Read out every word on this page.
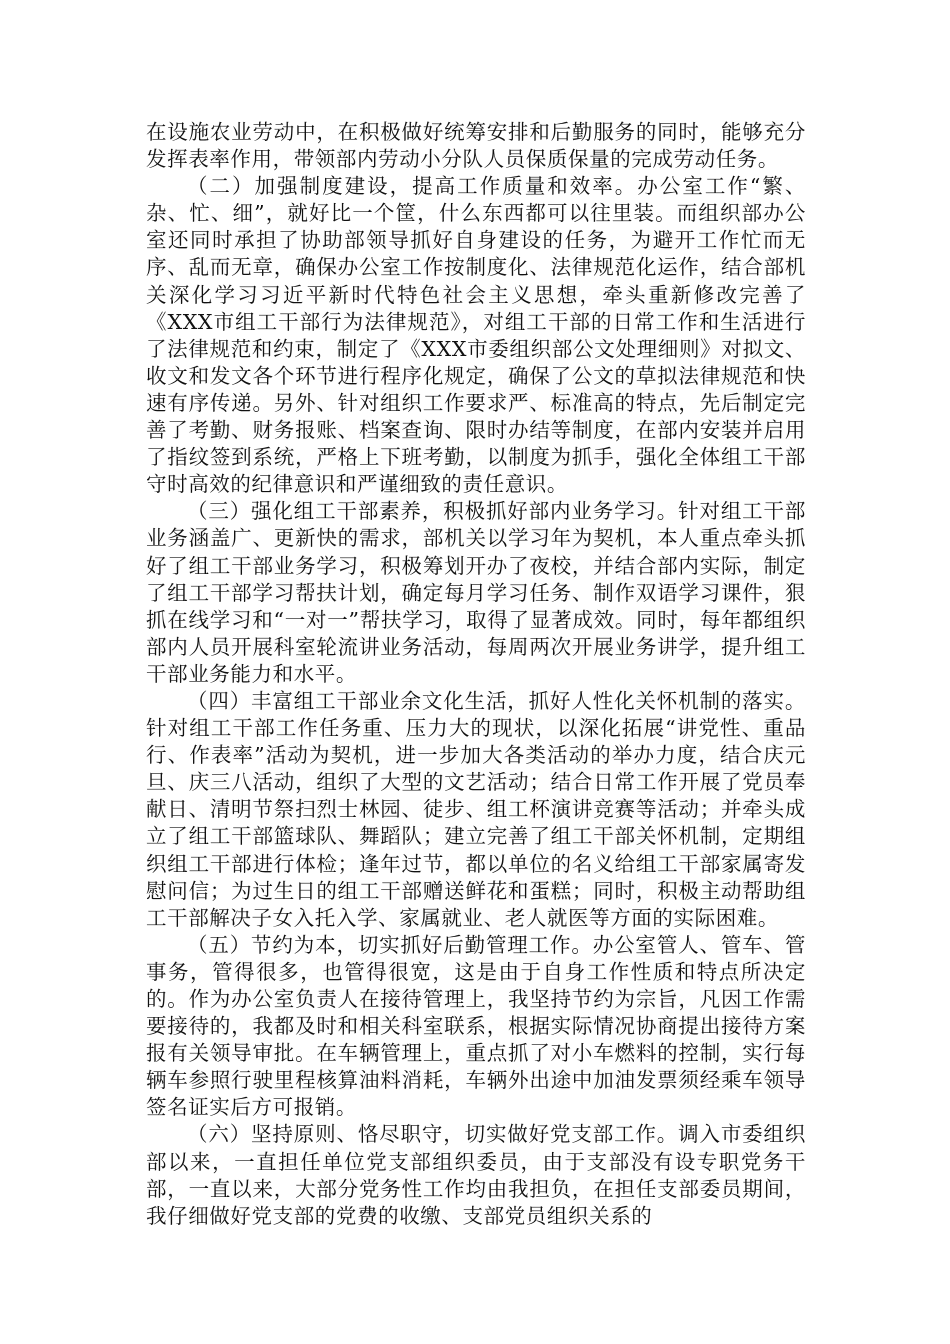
在设施农业劳动中，在积极做好统筹安排和后勤服务的同时，能够充分发挥表率作用，带领部内劳动小分队人员保质保量的完成劳动任务。

（二）加强制度建设，提高工作质量和效率。办公室工作“繁、杂、忙、细”，就好比一个筐，什么东西都可以往里装。而组织部办公室还同时承担了协助部领导抓好自身建设的任务，为避开工作忙而无序、乱而无章，确保办公室工作按制度化、法律规范化运作，结合部机关深化学习习近平新时代特色社会主义思想，牵头重新修改完善了《XXX市组工干部行为法律规范》，对组工干部的日常工作和生活进行了法律规范和约束，制定了《XXX市委组织部公文处理细则》对拟文、收文和发文各个环节进行程序化规定，确保了公文的草拟法律规范和快速有序传递。另外、针对组织工作要求严、标准高的特点，先后制定完善了考勤、财务报账、档案查询、限时办结等制度，在部内安装并启用了指纹签到系统，严格上下班考勤，以制度为抓手，强化全体组工干部守时高效的纪律意识和严谨细致的责任意识。

（三）强化组工干部素养，积极抓好部内业务学习。针对组工干部业务涵盖广、更新快的需求，部机关以学习年为契机，本人重点牵头抓好了组工干部业务学习，积极筹划开办了夜校，并结合部内实际，制定了组工干部学习帮扶计划，确定每月学习任务、制作双语学习课件，狠抓在线学习和“一对一”帮扶学习，取得了显著成效。同时，每年都组织部内人员开展科室轮流讲业务活动，每周两次开展业务讲学，提升组工干部业务能力和水平。

（四）丰富组工干部业余文化生活，抓好人性化关怀机制的落实。针对组工干部工作任务重、压力大的现状，以深化拓展“讲党性、重品行、作表率”活动为契机，进一步加大各类活动的举办力度，结合庆元旦、庆三八活动，组织了大型的文艺活动；结合日常工作开展了党员奉献日、清明节祭扫烈士林园、徒步、组工杯演讲竞赛等活动；并牵头成立了组工干部篮球队、舞蹈队；建立完善了组工干部关怀机制，定期组织组工干部进行体检；逢年过节，都以单位的名义给组工干部家属寄发慰问信；为过生日的组工干部赠送鲜花和蛋糕；同时，积极主动帮助组工干部解决子女入托入学、家属就业、老人就医等方面的实际困难。

（五）节约为本，切实抓好后勤管理工作。办公室管人、管车、管事务，管得很多，也管得很宽，这是由于自身工作性质和特点所决定的。作为办公室负责人在接待管理上，我坚持节约为宗旨，凡因工作需要接待的，我都及时和相关科室联系，根据实际情况协商提出接待方案报有关领导审批。在车辆管理上，重点抓了对小车燃料的控制，实行每辆车参照行驶里程核算油料消耗，车辆外出途中加油发票须经乘车领导签名证实后方可报销。

（六）坚持原则、恪尽职守，切实做好党支部工作。调入市委组织部以来，一直担任单位党支部组织委员，由于支部没有设专职党务干部，一直以来，大部分党务性工作均由我担负，在担任支部委员期间，我仔细做好党支部的党费的收缴、支部党员组织关系的
